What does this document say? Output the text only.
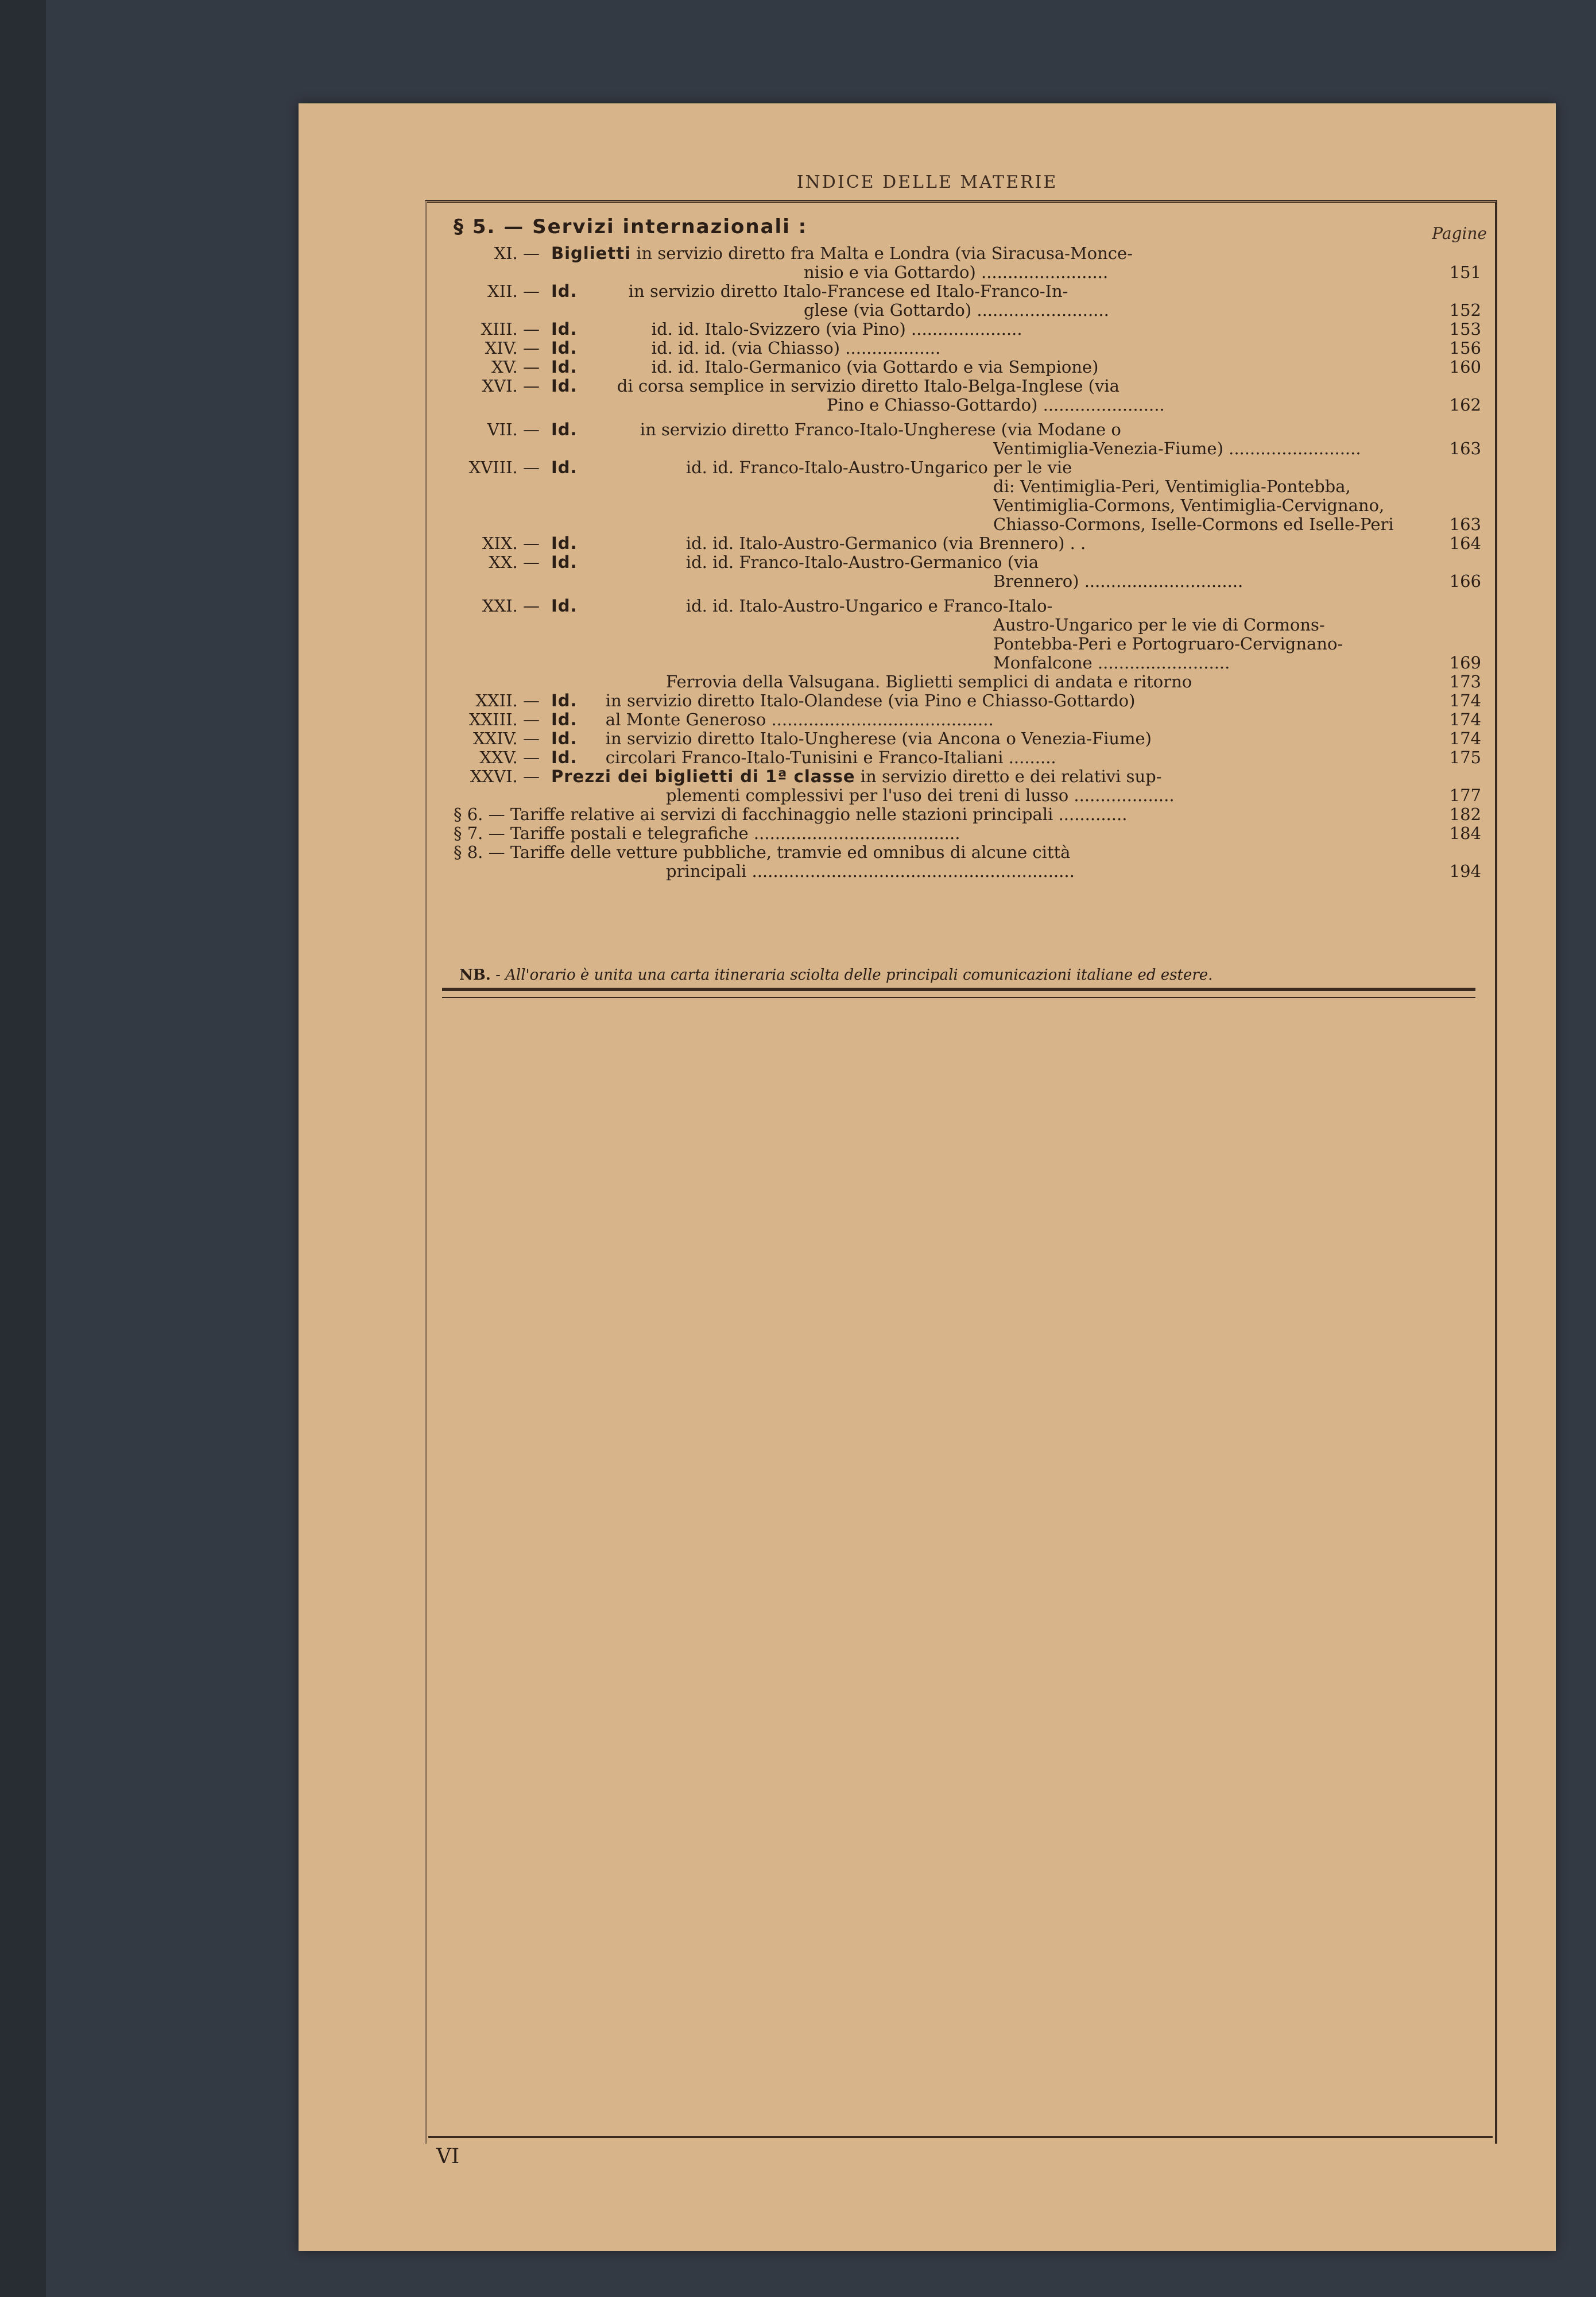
INDICE DELLE MATERIE
§ 5. — Servizi internazionali :	Pagine
XI. — Biglietti in servizio diretto fra Malta e Londra (via Siracusa-Monce-
nisio e via Gottardo) ........................	151
XII. — Id.	in servizio diretto Italo-Francese ed Italo-Franco-In-
glese (via Gottardo) .........................	152
XIII. — Id.	id. id. Italo-Svizzero (via Pino) .....................	153
XIV. — Id.	id. id. id. (via Chiasso) ..................	156
XV. — Id.	id. id. Italo-Germanico (via Gottardo e via Sempione)	160
XVI. — Id. di corsa semplice in servizio diretto Italo-Belga-Inglese (via
Pino e Chiasso-Gottardo) .......................	162
VII. — Id.	in servizio diretto Franco-Italo-Ungherese (via Modane o
Ventimiglia-Venezia-Fiume) .........................	163
XVIII. — Id.	id. id. Franco-Italo-Austro-Ungarico per le vie
di: Ventimiglia-Peri, Ventimiglia-Pontebba,
Ventimiglia-Cormons, Ventimiglia-Cervignano,
Chiasso-Cormons, Iselle-Cormons ed Iselle-Peri	163
XIX. — Id.	id. id. Italo-Austro-Germanico (via Brennero) . .	164
XX. — Id.	id. id. Franco-Italo-Austro-Germanico (via
Brennero) ..............................	166
XXI. — Id.	id. id. Italo-Austro-Ungarico e Franco-Italo-
Austro-Ungarico per le vie di Cormons-
Pontebba-Peri e Portogruaro-Cervignano-
Monfalcone .........................	169
Ferrovia della Valsugana. Biglietti semplici di andata e ritorno	173
XXII. — Id. in servizio diretto Italo-Olandese (via Pino e Chiasso-Gottardo)	174
XXIII. — Id. al Monte Generoso ..........................................	174
XXIV. — Id. in servizio diretto Italo-Ungherese (via Ancona o Venezia-Fiume)	174
XXV. — Id. circolari Franco-Italo-Tunisini e Franco-Italiani .........	175
XXVI. — Prezzi dei biglietti di 1ª classe in servizio diretto e dei relativi sup-
plementi complessivi per l'uso dei treni di lusso ...................	177
§ 6. — Tariffe relative ai servizi di facchinaggio nelle stazioni principali .............	182
§ 7. — Tariffe postali e telegrafiche .......................................	184
§ 8. — Tariffe delle vetture pubbliche, tramvie ed omnibus di alcune città
principali .............................................................	194
NB. - All'orario è unita una carta itineraria sciolta delle principali comunicazioni italiane ed estere.
VI
